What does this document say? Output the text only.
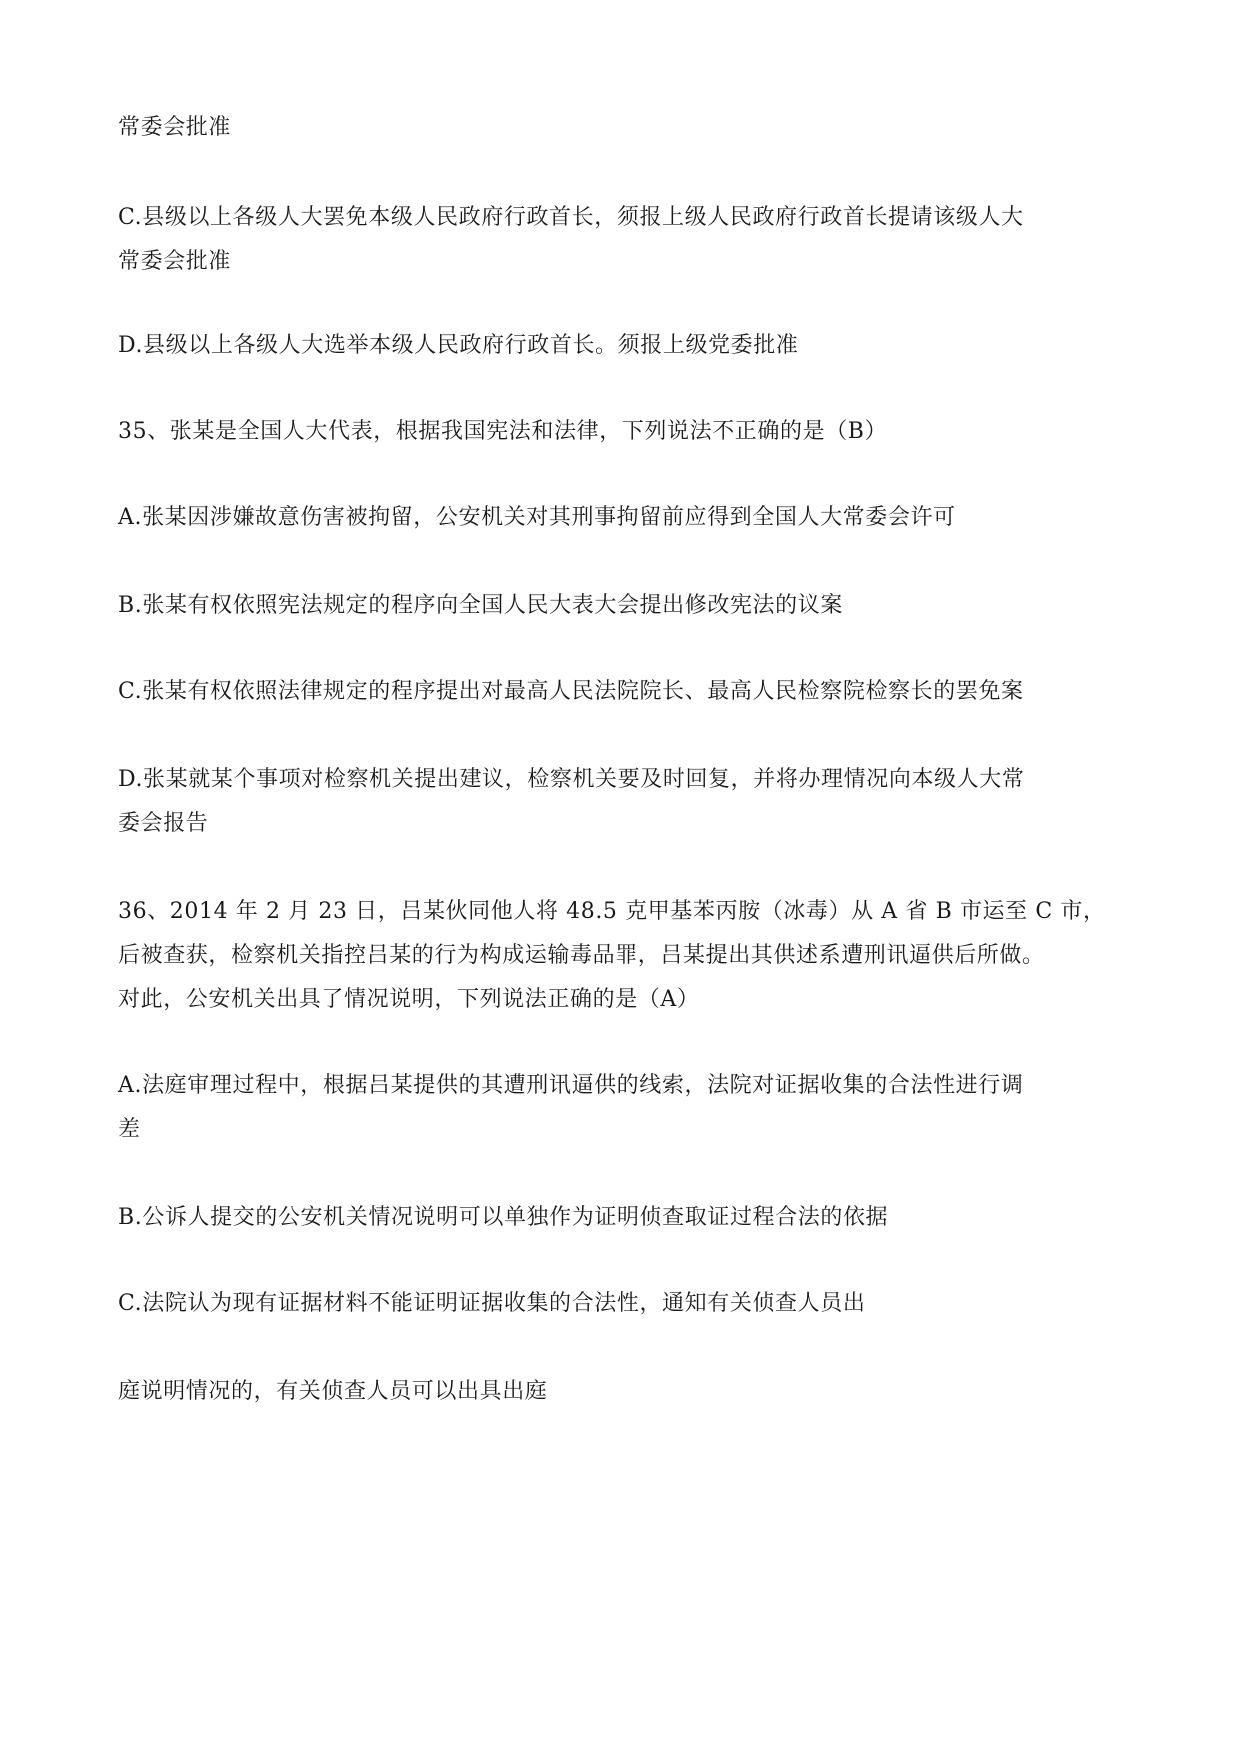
常委会批准

C.县级以上各级人大罢免本级人民政府行政首长，须报上级人民政府行政首长提请该级人大
常委会批准

D.县级以上各级人大选举本级人民政府行政首长。须报上级党委批准

35、张某是全国人大代表，根据我国宪法和法律，下列说法不正确的是（B）

A.张某因涉嫌故意伤害被拘留，公安机关对其刑事拘留前应得到全国人大常委会许可

B.张某有权依照宪法规定的程序向全国人民大表大会提出修改宪法的议案

C.张某有权依照法律规定的程序提出对最高人民法院院长、最高人民检察院检察长的罢免案

D.张某就某个事项对检察机关提出建议，检察机关要及时回复，并将办理情况向本级人大常
委会报告

36、2014 年 2 月 23 日，吕某伙同他人将 48.5 克甲基苯丙胺（冰毒）从 A 省 B 市运至 C 市，
后被查获，检察机关指控吕某的行为构成运输毒品罪，吕某提出其供述系遭刑讯逼供后所做。
对此，公安机关出具了情况说明，下列说法正确的是（A）

A.法庭审理过程中，根据吕某提供的其遭刑讯逼供的线索，法院对证据收集的合法性进行调
差

B.公诉人提交的公安机关情况说明可以单独作为证明侦查取证过程合法的依据

C.法院认为现有证据材料不能证明证据收集的合法性，通知有关侦查人员出

庭说明情况的，有关侦查人员可以出具出庭
